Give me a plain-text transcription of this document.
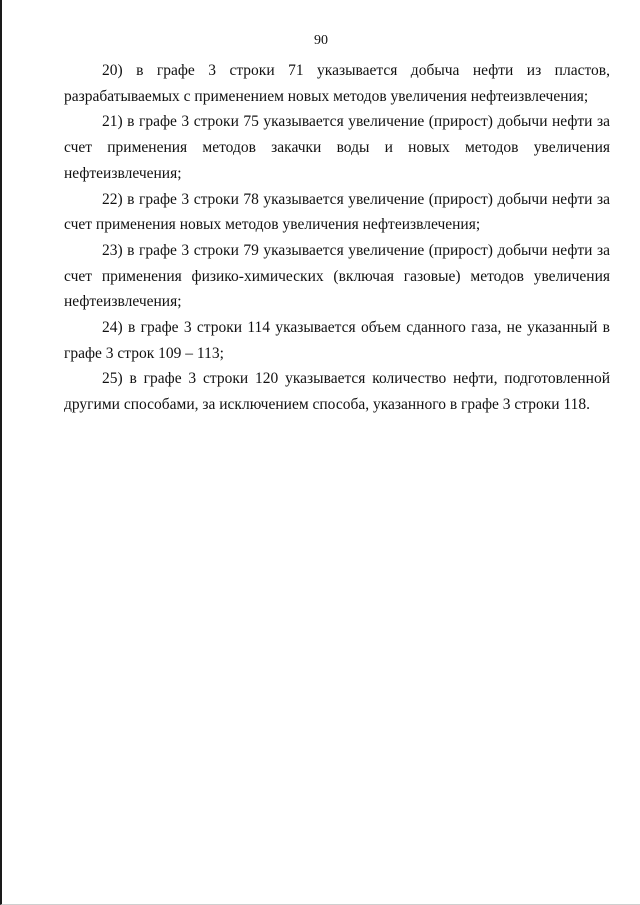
90

20) в графе 3 строки 71 указывается добыча нефти из пластов, разрабатываемых с применением новых методов увеличения нефтеизвлечения;

21) в графе 3 строки 75 указывается увеличение (прирост) добычи нефти за счет применения методов закачки воды и новых методов увеличения нефтеизвлечения;

22) в графе 3 строки 78 указывается увеличение (прирост) добычи нефти за счет применения новых методов увеличения нефтеизвлечения;

23) в графе 3 строки 79 указывается увеличение (прирост) добычи нефти за счет применения физико-химических (включая газовые) методов увеличения нефтеизвлечения;

24) в графе 3 строки 114 указывается объем сданного газа, не указанный в графе 3 строк 109 – 113;

25) в графе 3 строки 120 указывается количество нефти, подготовленной другими способами, за исключением способа, указанного в графе 3 строки 118.
